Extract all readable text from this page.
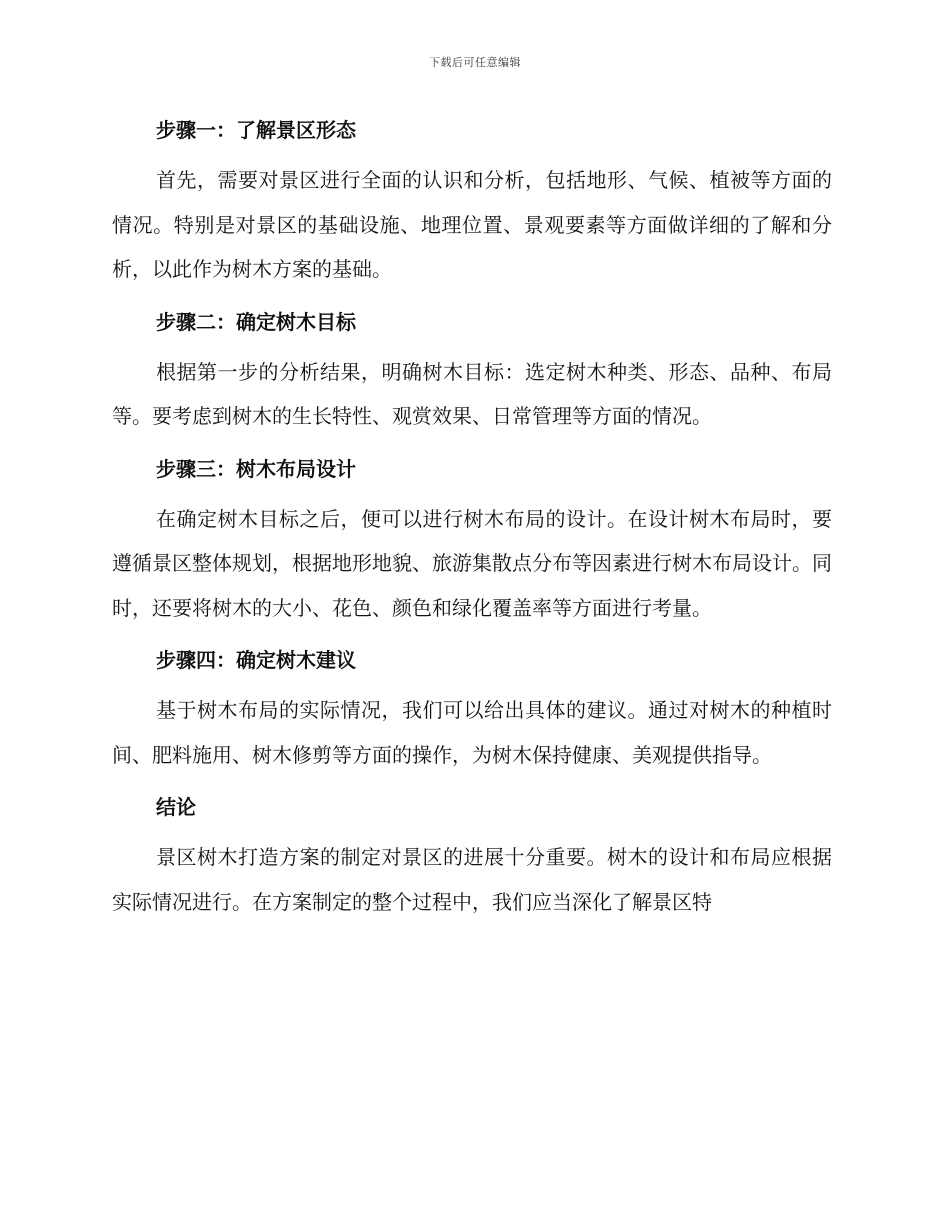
下载后可任意编辑
步骤一：了解景区形态

首先，需要对景区进行全面的认识和分析，包括地形、气候、植被等方面的情况。特别是对景区的基础设施、地理位置、景观要素等方面做详细的了解和分析，以此作为树木方案的基础。

步骤二：确定树木目标

根据第一步的分析结果，明确树木目标：选定树木种类、形态、品种、布局等。要考虑到树木的生长特性、观赏效果、日常管理等方面的情况。

步骤三：树木布局设计

在确定树木目标之后，便可以进行树木布局的设计。在设计树木布局时，要遵循景区整体规划，根据地形地貌、旅游集散点分布等因素进行树木布局设计。同时，还要将树木的大小、花色、颜色和绿化覆盖率等方面进行考量。

步骤四：确定树木建议

基于树木布局的实际情况，我们可以给出具体的建议。通过对树木的种植时间、肥料施用、树木修剪等方面的操作，为树木保持健康、美观提供指导。

结论

景区树木打造方案的制定对景区的进展十分重要。树木的设计和布局应根据实际情况进行。在方案制定的整个过程中，我们应当深化了解景区特
